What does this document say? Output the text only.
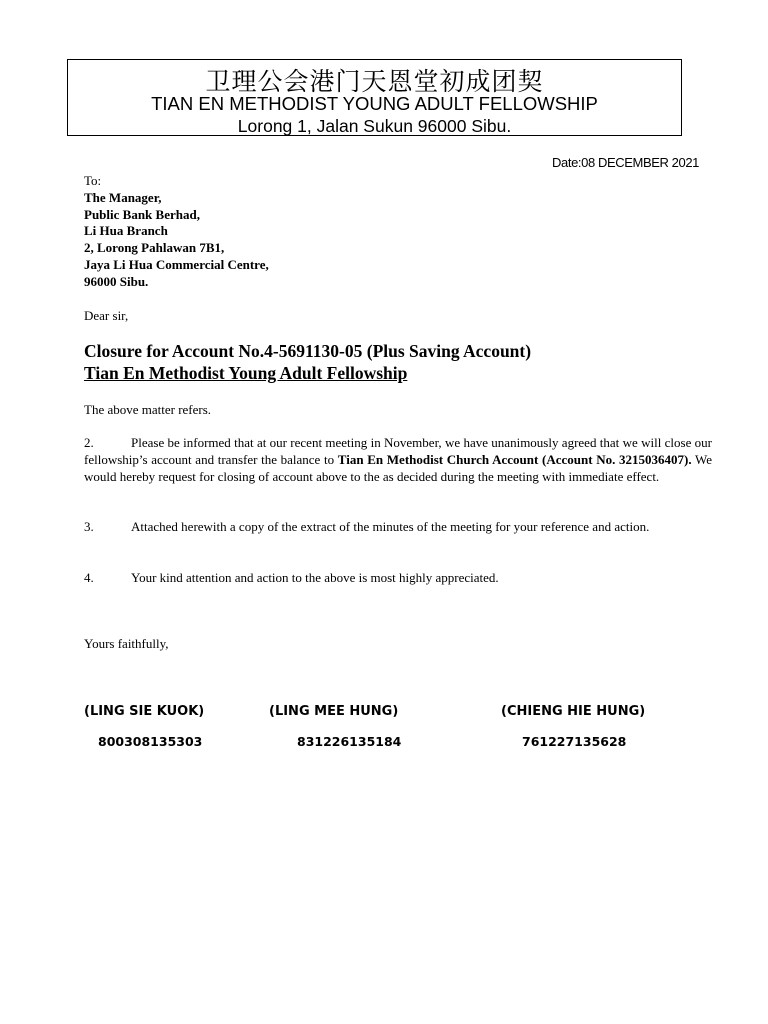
卫理公会港门天恩堂初成团契
TIAN EN METHODIST YOUNG ADULT FELLOWSHIP
Lorong 1, Jalan Sukun 96000 Sibu.
Date:08 DECEMBER 2021
To:
The Manager,
Public Bank Berhad,
Li Hua Branch
2, Lorong Pahlawan 7B1,
Jaya Li Hua Commercial Centre,
96000 Sibu.
Dear sir,
Closure for Account No.4-5691130-05 (Plus Saving Account)
Tian En Methodist Young Adult Fellowship
The above matter refers.
2.	Please be informed that at our recent meeting in November, we have unanimously agreed that we will close our fellowship’s account and transfer the balance to Tian En Methodist Church Account (Account No. 3215036407). We would hereby request for closing of account above to the as decided during the meeting with immediate effect.
3.	Attached herewith a copy of the extract of the minutes of the meeting for your reference and action.
4.	Your kind attention and action to the above is most highly appreciated.
Yours faithfully,
(LING SIE KUOK)	(LING MEE HUNG)	(CHIENG HIE HUNG)
800308135303	831226135184	761227135628
